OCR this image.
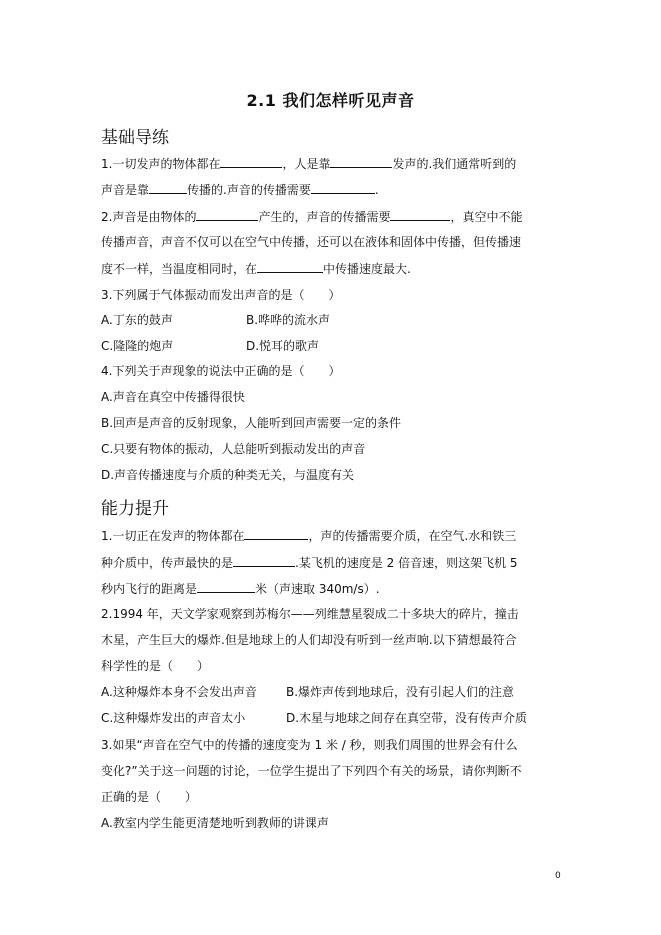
2.1 我们怎样听见声音
基础导练
1.一切发声的物体都在	，人是靠	发声的.我们通常听到的
声音是靠	传播的.声音的传播需要	.
2.声音是由物体的	产生的，声音的传播需要	，真空中不能
传播声音，声音不仅可以在空气中传播，还可以在液体和固体中传播，但传播速
度不一样，当温度相同时，在	中传播速度最大.
3.下列属于气体振动而发出声音的是（　　）
A.丁东的鼓声	B.哗哗的流水声
C.隆隆的炮声	D.悦耳的歌声
4.下列关于声现象的说法中正确的是（　　）
A.声音在真空中传播得很快
B.回声是声音的反射现象，人能听到回声需要一定的条件
C.只要有物体的振动，人总能听到振动发出的声音
D.声音传播速度与介质的种类无关，与温度有关
能力提升
1.一切正在发声的物体都在	，声的传播需要介质，在空气.水和铁三
种介质中，传声最快的是	.某飞机的速度是 2 倍音速，则这架飞机 5
秒内飞行的距离是	米（声速取 340m/s）.
2.1994 年，天文学家观察到苏梅尔——列维慧星裂成二十多块大的碎片，撞击
木星，产生巨大的爆炸.但是地球上的人们却没有听到一丝声响.以下猜想最符合
科学性的是（　　）
A.这种爆炸本身不会发出声音 B.爆炸声传到地球后，没有引起人们的注意
C.这种爆炸发出的声音太小	D.木星与地球之间存在真空带，没有传声介质
3.如果“声音在空气中的传播的速度变为 1 米 / 秒，则我们周围的世界会有什么
变化?”关于这一问题的讨论，一位学生提出了下列四个有关的场景，请你判断不
正确的是（　　）
A.教室内学生能更清楚地听到教师的讲课声
0
